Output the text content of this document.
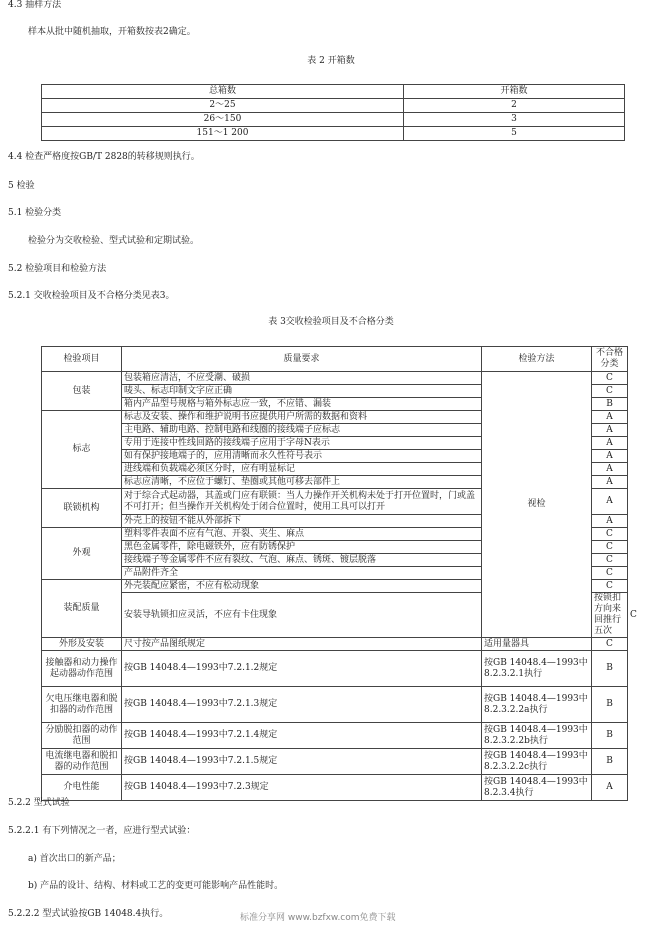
4.3 抽样方法
样本从批中随机抽取，开箱数按表2确定。
表 2 开箱数
总箱数	开箱数
2～25	2
26～150	3
151～1 200	5
4.4 检查严格度按GB/T 2828的转移规则执行。
5 检验
5.1 检验分类
检验分为交收检验、型式试验和定期试验。
5.2 检验项目和检验方法
5.2.1 交收检验项目及不合格分类见表3。
表 3交收检验项目及不合格分类
检验项目	质量要求	检验方法	不合格分类	
包装	包装箱应清洁，不应受潮、破损	视检	C	
	唛头、标志印制文字应正确		C	
	箱内产品型号规格与箱外标志应一致，不应错、漏装		B	
标志	标志及安装、操作和维护说明书应提供用户所需的数据和资料		A	
	主电路、辅助电路、控制电路和线圈的接线端子应标志		A	
	专用于连接中性线回路的接线端子应用于字母N表示		A	
	如有保护接地端子的，应用清晰而永久性符号表示		A	
	进线端和负载端必须区分时，应有明显标记		A	
	标志应清晰，不应位于螺钉、垫圈或其他可移去部件上		A	
联锁机构	对于综合式起动器，其盖或门应有联锁：当人力操作开关机构未处于打开位置时，门或盖不可打开；但当操作开关机构处于闭合位置时，使用工具可以打开		A	
	外壳上的按钮不能从外部拆下		A	
外观	塑料零件表面不应有气泡、开裂、夹生、麻点		C	
	黑色金属零件，除电磁铁外，应有防锈保护		C	
	接线端子等金属零件不应有裂纹、气泡、麻点、锈斑、镀层脱落		C	
	产品附件齐全		C	
装配质量	外壳装配应紧密，不应有松动现象		C	
	安装导轨锁扣应灵活，不应有卡住现象		按锁扣方向来回推行五次	C
外形及安装	尺寸按产品图纸规定	适用量器具	C	
接触器和动力操作起动器动作范围	按GB 14048.4—1993中7.2.1.2规定	按GB 14048.4—1993中8.2.3.2.1执行	B	
欠电压继电器和脱扣器的动作范围	按GB 14048.4—1993中7.2.1.3规定	按GB 14048.4—1993中8.2.3.2.2a执行	B	
分励脱扣器的动作范围	按GB 14048.4—1993中7.2.1.4规定	按GB 14048.4—1993中8.2.3.2.2b执行	B	
电流继电器和脱扣器的动作范围	按GB 14048.4—1993中7.2.1.5规定	按GB 14048.4—1993中8.2.3.2.2c执行	B	
介电性能	按GB 14048.4—1993中7.2.3规定	按GB 14048.4—1993中8.2.3.4执行	A	
5.2.2 型式试验
5.2.2.1 有下列情况之一者，应进行型式试验：
a) 首次出口的新产品；
b) 产品的设计、结构、材料或工艺的变更可能影响产品性能时。
5.2.2.2 型式试验按GB 14048.4执行。	标准分享网 www.bzfxw.com免费下载
